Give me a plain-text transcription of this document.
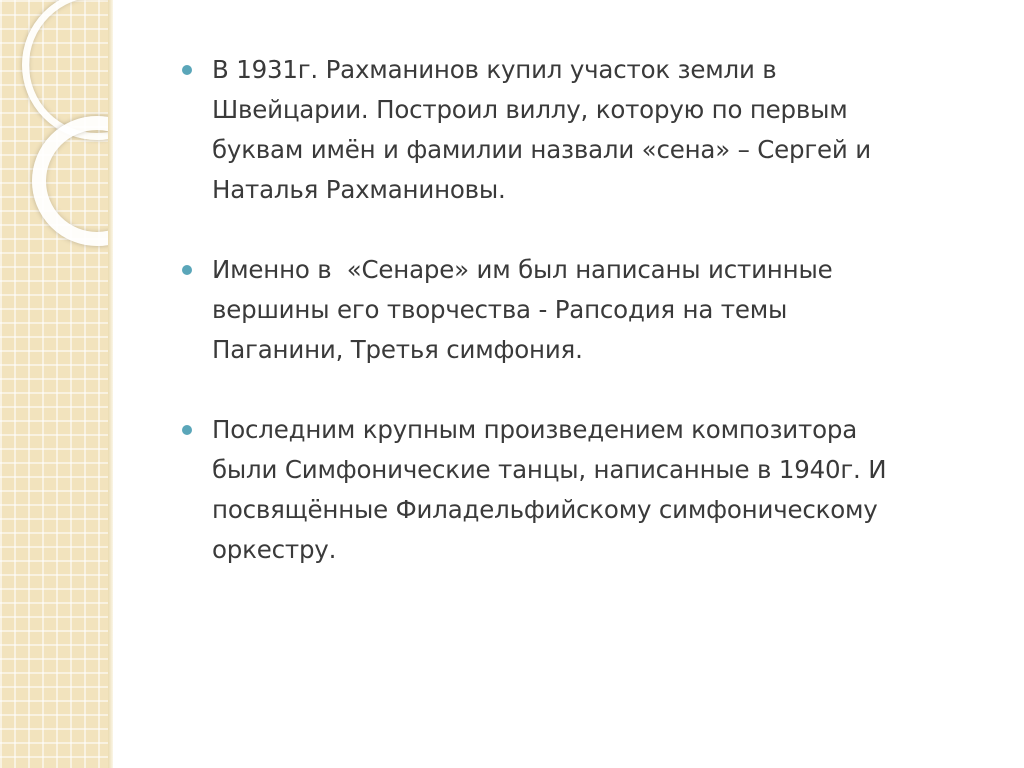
В 1931г. Рахманинов купил участок земли в
Швейцарии. Построил виллу, которую по первым
буквам имён и фамилии назвали «сена» – Сергей и
Наталья Рахманиновы.
Именно в  «Сенаре» им был написаны истинные
вершины его творчества - Рапсодия на темы
Паганини, Третья симфония.
Последним крупным произведением композитора
были Симфонические танцы, написанные в 1940г. И
посвящённые Филадельфийскому симфоническому
оркестру.
